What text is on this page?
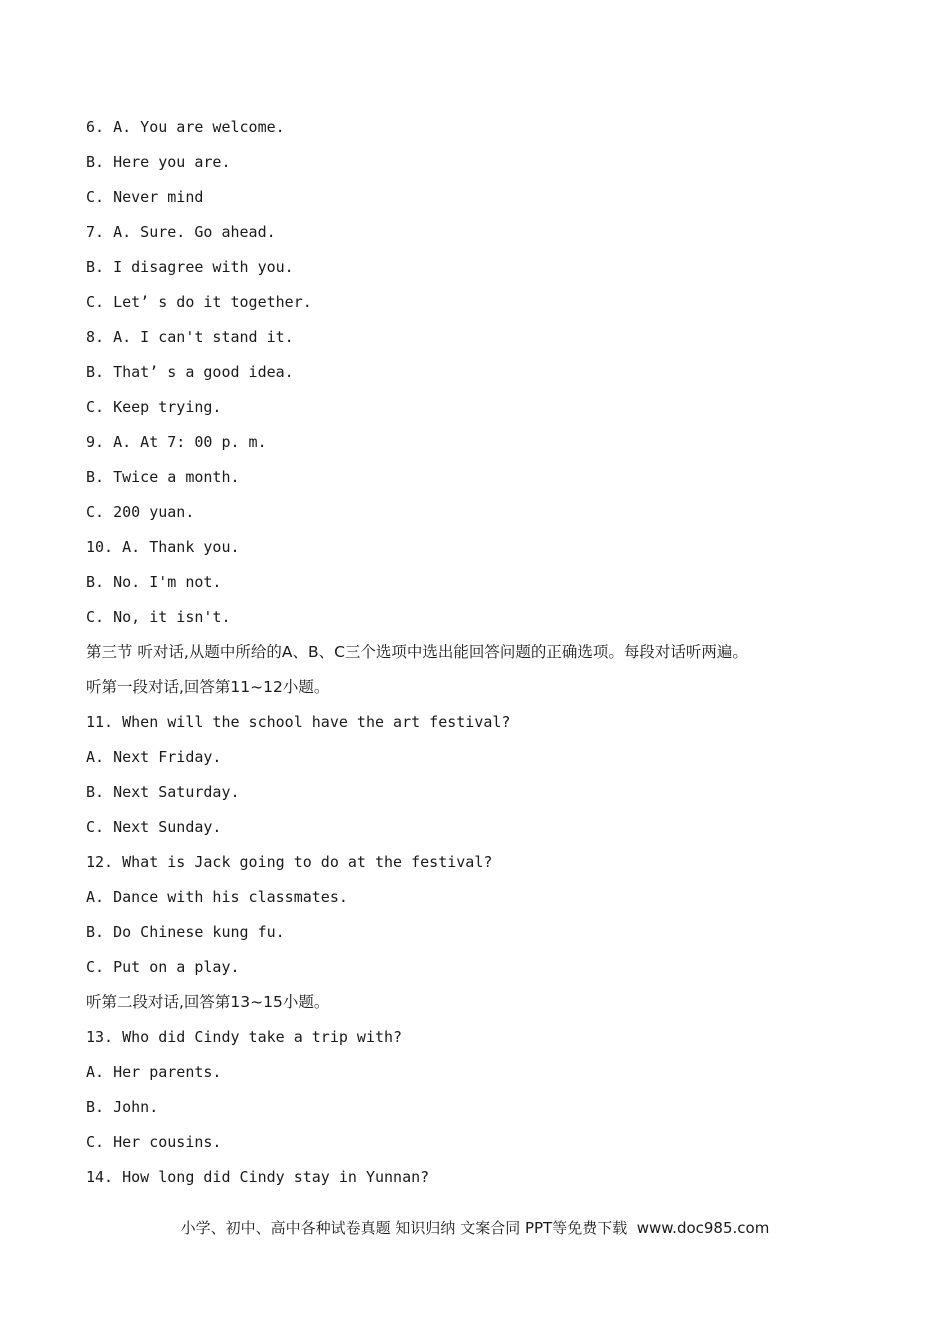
6. A. You are welcome.
B. Here you are.
C. Never mind
7. A. Sure. Go ahead.
B. I disagree with you.
C. Let’ s do it together.
8. A. I can't stand it.
B. That’ s a good idea.
C. Keep trying.
9. A. At 7: 00 p. m.
B. Twice a month.
C. 200 yuan.
10. A. Thank you.
B. No. I'm not.
C. No, it isn't.
第三节 听对话,从题中所给的A、B、C三个选项中选出能回答问题的正确选项。每段对话听两遍。
听第一段对话,回答第11~12小题。
11. When will the school have the art festival?
A. Next Friday.
B. Next Saturday.
C. Next Sunday.
12. What is Jack going to do at the festival?
A. Dance with his classmates.
B. Do Chinese kung fu.
C. Put on a play.
听第二段对话,回答第13~15小题。
13. Who did Cindy take a trip with?
A. Her parents.
B. John.
C. Her cousins.
14. How long did Cindy stay in Yunnan?
小学、初中、高中各种试卷真题 知识归纳 文案合同 PPT等免费下载  www.doc985.com
